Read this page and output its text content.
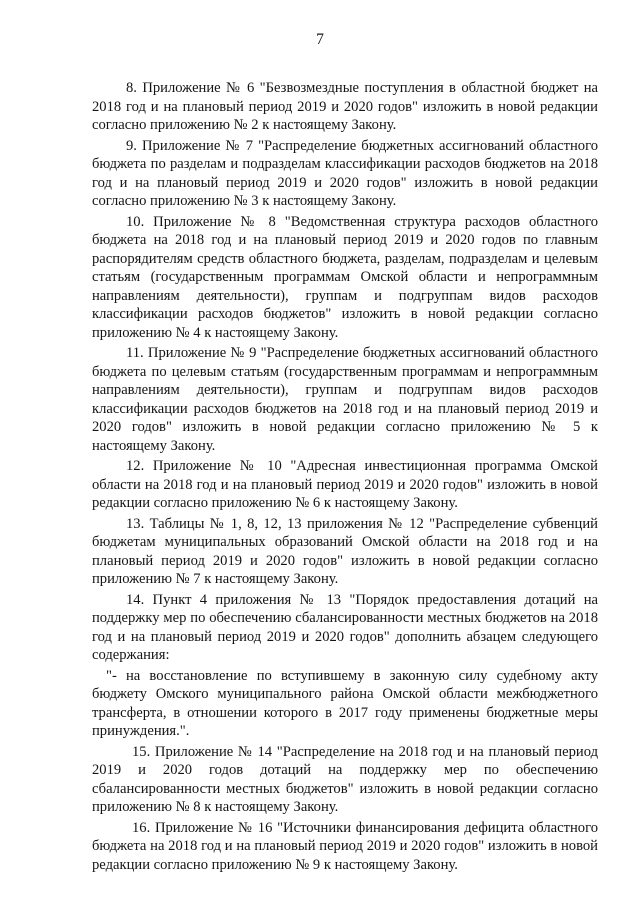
7

8. Приложение № 6 "Безвозмездные поступления в областной бюджет на 2018 год и на плановый период 2019 и 2020 годов" изложить в новой редакции согласно приложению № 2 к настоящему Закону.

9. Приложение № 7 "Распределение бюджетных ассигнований областного бюджета по разделам и подразделам классификации расходов бюджетов на 2018 год и на плановый период 2019 и 2020 годов" изложить в новой редакции согласно приложению № 3 к настоящему Закону.

10. Приложение № 8 "Ведомственная структура расходов областного бюджета на 2018 год и на плановый период 2019 и 2020 годов по главным распорядителям средств областного бюджета, разделам, подразделам и целевым статьям (государственным программам Омской области и непрограммным направлениям деятельности), группам и подгруппам видов расходов классификации расходов бюджетов" изложить в новой редакции согласно приложению № 4 к настоящему Закону.

11. Приложение № 9 "Распределение бюджетных ассигнований областного бюджета по целевым статьям (государственным программам и непрограммным направлениям деятельности), группам и подгруппам видов расходов классификации расходов бюджетов на 2018 год и на плановый период 2019 и 2020 годов" изложить в новой редакции согласно приложению № 5 к настоящему Закону.

12. Приложение № 10 "Адресная инвестиционная программа Омской области на 2018 год и на плановый период 2019 и 2020 годов" изложить в новой редакции согласно приложению № 6 к настоящему Закону.

13. Таблицы № 1, 8, 12, 13 приложения № 12 "Распределение субвенций бюджетам муниципальных образований Омской области на 2018 год и на плановый период 2019 и 2020 годов" изложить в новой редакции согласно приложению № 7 к настоящему Закону.

14. Пункт 4 приложения № 13 "Порядок предоставления дотаций на поддержку мер по обеспечению сбалансированности местных бюджетов на 2018 год и на плановый период 2019 и 2020 годов" дополнить абзацем следующего содержания:

"- на восстановление по вступившему в законную силу судебному акту бюджету Омского муниципального района Омской области межбюджетного трансферта, в отношении которого в 2017 году применены бюджетные меры принуждения.".

15. Приложение № 14 "Распределение на 2018 год и на плановый период 2019 и 2020 годов дотаций на поддержку мер по обеспечению сбалансированности местных бюджетов" изложить в новой редакции согласно приложению № 8 к настоящему Закону.

16. Приложение № 16 "Источники финансирования дефицита областного бюджета на 2018 год и на плановый период 2019 и 2020 годов" изложить в новой редакции согласно приложению № 9 к настоящему Закону.
